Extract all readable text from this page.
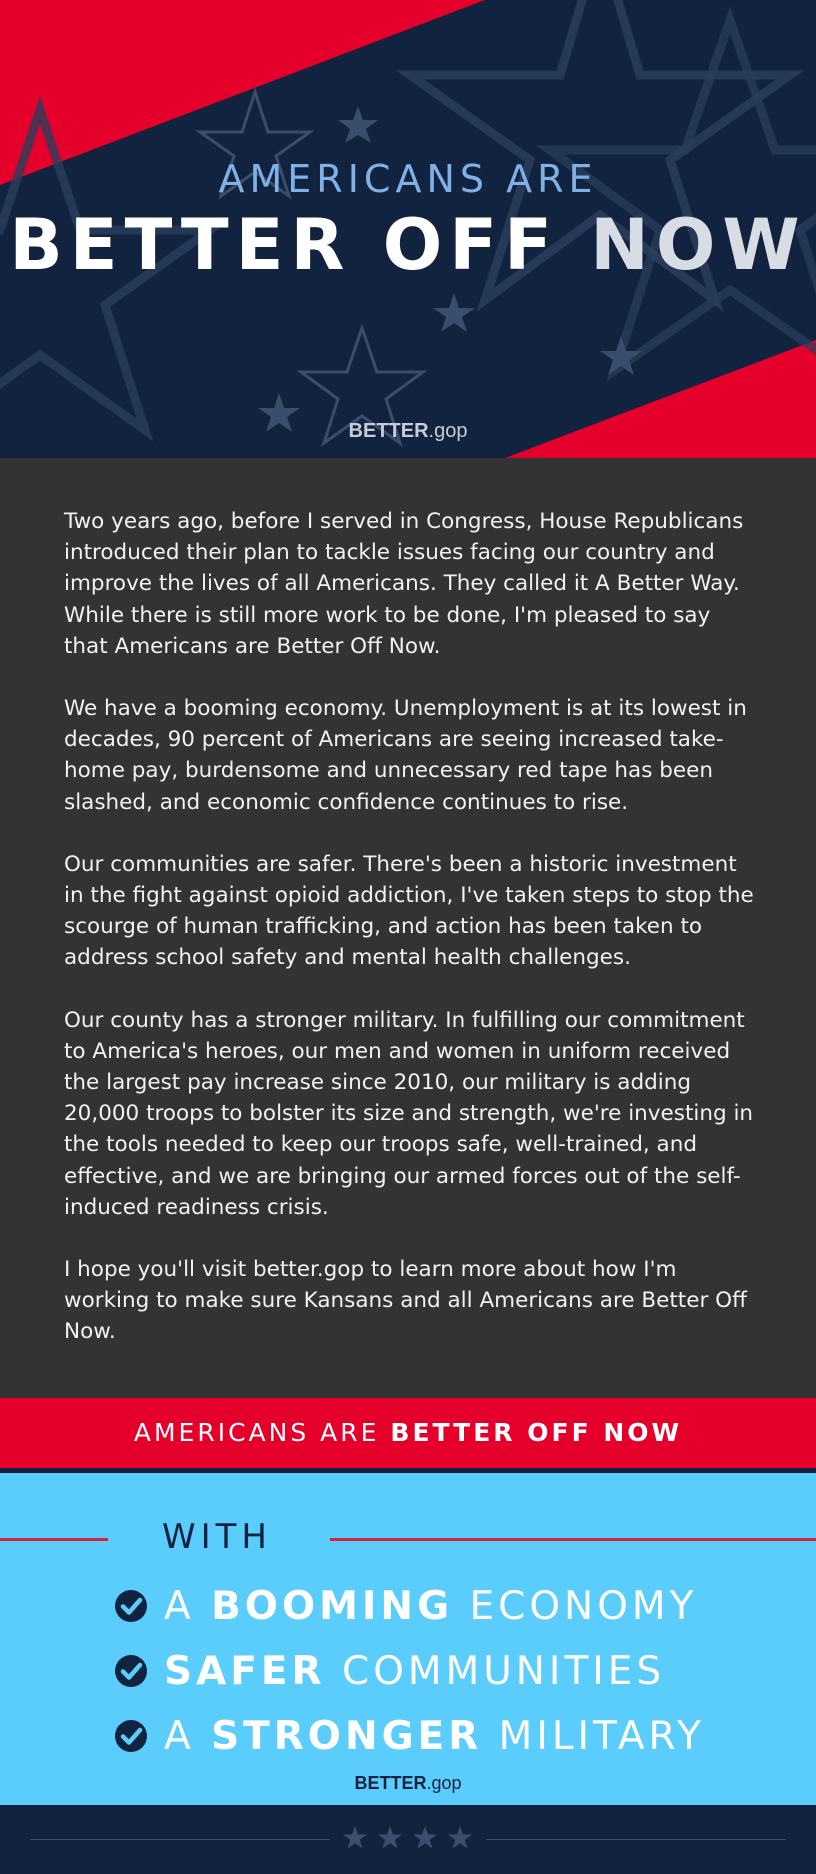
AMERICANS ARE
BETTER OFF NOW
BETTER.gop

Two years ago, before I served in Congress, House Republicans introduced their plan to tackle issues facing our country and improve the lives of all Americans. They called it A Better Way. While there is still more work to be done, I'm pleased to say that Americans are Better Off Now.

We have a booming economy. Unemployment is at its lowest in decades, 90 percent of Americans are seeing increased take-home pay, burdensome and unnecessary red tape has been slashed, and economic confidence continues to rise.

Our communities are safer. There's been a historic investment in the fight against opioid addiction, I've taken steps to stop the scourge of human trafficking, and action has been taken to address school safety and mental health challenges.

Our county has a stronger military. In fulfilling our commitment to America's heroes, our men and women in uniform received the largest pay increase since 2010, our military is adding 20,000 troops to bolster its size and strength, we're investing in the tools needed to keep our troops safe, well-trained, and effective, and we are bringing our armed forces out of the self-induced readiness crisis.

I hope you'll visit better.gop to learn more about how I'm working to make sure Kansans and all Americans are Better Off Now.

AMERICANS ARE BETTER OFF NOW
WITH
A BOOMING ECONOMY
SAFER COMMUNITIES
A STRONGER MILITARY
BETTER.gop
